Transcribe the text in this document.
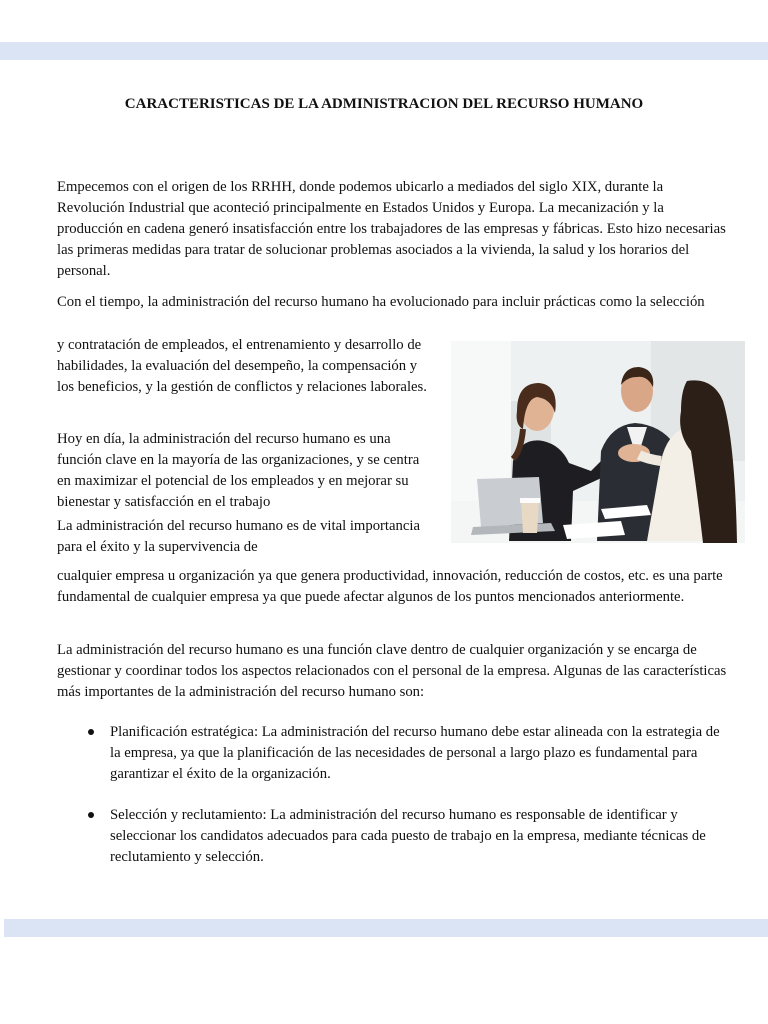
CARACTERISTICAS DE LA ADMINISTRACION DEL RECURSO HUMANO

Empecemos con el origen de los RRHH, donde podemos ubicarlo a mediados del siglo XIX, durante la Revolución Industrial que aconteció principalmente en Estados Unidos y Europa. La mecanización y la producción en cadena generó insatisfacción entre los trabajadores de las empresas y fábricas. Esto hizo necesarias las primeras medidas para tratar de solucionar problemas asociados a la vivienda, la salud y los horarios del personal.

Con el tiempo, la administración del recurso humano ha evolucionado para incluir prácticas como la selección

y contratación de empleados, el entrenamiento y desarrollo de habilidades, la evaluación del desempeño, la compensación y los beneficios, y la gestión de conflictos y relaciones laborales.

Hoy en día, la administración del recurso humano es una función clave en la mayoría de las organizaciones, y se centra en maximizar el potencial de los empleados y en mejorar su bienestar y satisfacción en el trabajo

La administración del recurso humano es de vital importancia para el éxito y la supervivencia de

cualquier empresa u organización ya que genera productividad, innovación, reducción de costos, etc. es una parte fundamental de cualquier empresa ya que puede afectar algunos de los puntos mencionados anteriormente.

La administración del recurso humano es una función clave dentro de cualquier organización y se encarga de gestionar y coordinar todos los aspectos relacionados con el personal de la empresa. Algunas de las características más importantes de la administración del recurso humano son:

Planificación estratégica: La administración del recurso humano debe estar alineada con la estrategia de la empresa, ya que la planificación de las necesidades de personal a largo plazo es fundamental para garantizar el éxito de la organización.
Selección y reclutamiento: La administración del recurso humano es responsable de identificar y seleccionar los candidatos adecuados para cada puesto de trabajo en la empresa, mediante técnicas de reclutamiento y selección.
